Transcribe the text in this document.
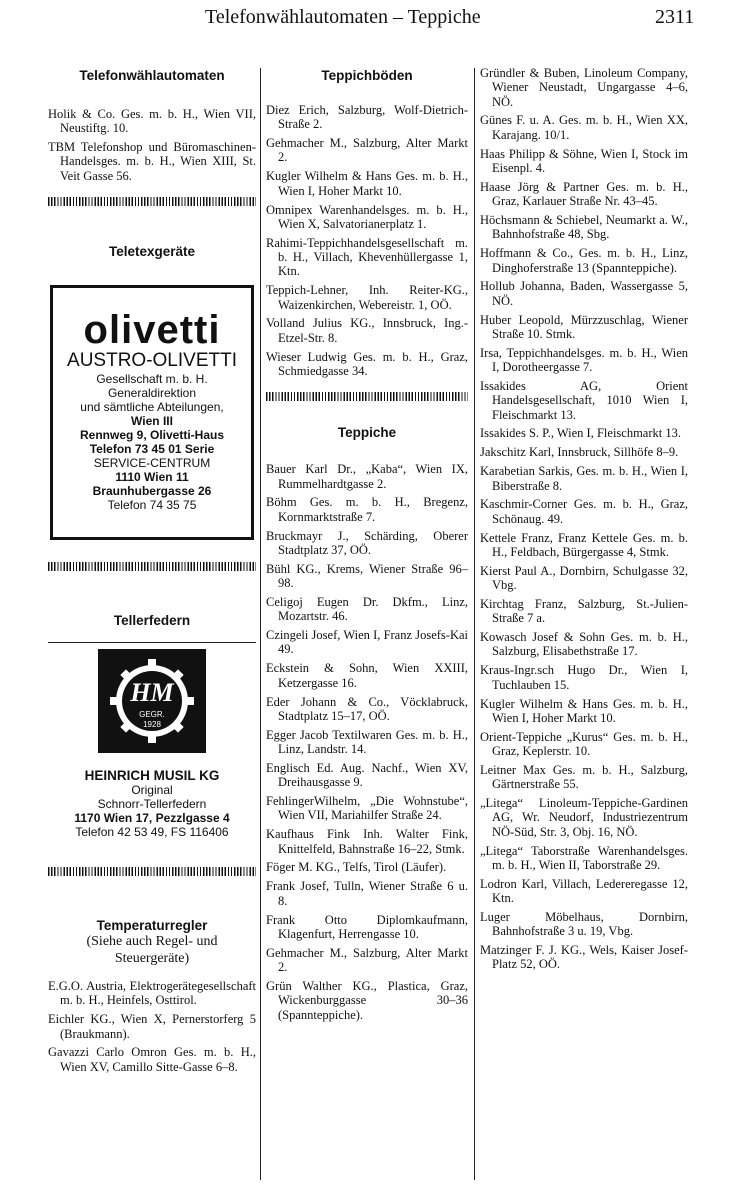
Telefonwählautomaten – Teppiche	2311
Telefonwählautomaten
Holik & Co. Ges. m. b. H., Wien VII, Neustiftg. 10.
TBM Telefonshop und Büromaschinen-Handelsges. m. b. H., Wien XIII, St. Veit Gasse 56.
Teletexgeräte
olivetti
AUSTRO-OLIVETTI
Gesellschaft m. b. H.
Generaldirektion
und sämtliche Abteilungen,
Wien III
Rennweg 9, Olivetti-Haus
Telefon 73 45 01 Serie
SERVICE-CENTRUM
1110 Wien 11
Braunhubergasse 26
Telefon 74 35 75
Tellerfedern
HM
GEGR.
1928
HEINRICH MUSIL KG
Original
Schnorr-Tellerfedern
1170 Wien 17, Pezzlgasse 4
Telefon 42 53 49, FS 116406
Temperaturregler
(Siehe auch Regel- und Steuergeräte)
E.G.O. Austria, Elektrogerätegesellschaft m. b. H., Heinfels, Osttirol.
Eichler KG., Wien X, Pernerstorferg 5 (Braukmann).
Gavazzi Carlo Omron Ges. m. b. H., Wien XV, Camillo Sitte-Gasse 6–8.
Teppichböden
Diez Erich, Salzburg, Wolf-Dietrich-Straße 2.
Gehmacher M., Salzburg, Alter Markt 2.
Kugler Wilhelm & Hans Ges. m. b. H., Wien I, Hoher Markt 10.
Omnipex Warenhandelsges. m. b. H., Wien X, Salvatorianerplatz 1.
Rahimi-Teppichhandelsgesellschaft m. b. H., Villach, Khevenhüllergasse 1, Ktn.
Teppich-Lehner, Inh. Reiter-KG., Waizenkirchen, Webereistr. 1, OÖ.
Volland Julius KG., Innsbruck, Ing.-Etzel-Str. 8.
Wieser Ludwig Ges. m. b. H., Graz, Schmiedgasse 34.
Teppiche
Bauer Karl Dr., „Kaba“, Wien IX, Rummelhardtgasse 2.
Böhm Ges. m. b. H., Bregenz, Kornmarktstraße 7.
Bruckmayr J., Schärding, Oberer Stadtplatz 37, OÖ.
Bühl KG., Krems, Wiener Straße 96–98.
Celigoj Eugen Dr. Dkfm., Linz, Mozartstr. 46.
Czingeli Josef, Wien I, Franz Josefs-Kai 49.
Eckstein & Sohn, Wien XXIII, Ketzergasse 16.
Eder Johann & Co., Vöcklabruck, Stadtplatz 15–17, OÖ.
Egger Jacob Textilwaren Ges. m. b. H., Linz, Landstr. 14.
Englisch Ed. Aug. Nachf., Wien XV, Dreihausgasse 9.
FehlingerWilhelm, „Die Wohnstube“, Wien VII, Mariahilfer Straße 24.
Kaufhaus Fink Inh. Walter Fink, Knittelfeld, Bahnstraße 16–22, Stmk.
Föger M. KG., Telfs, Tirol (Läufer).
Frank Josef, Tulln, Wiener Straße 6 u. 8.
Frank Otto Diplomkaufmann, Klagenfurt, Herrengasse 10.
Gehmacher M., Salzburg, Alter Markt 2.
Grün Walther KG., Plastica, Graz, Wickenburggasse 30–36 (Spannteppiche).
Gründler & Buben, Linoleum Company, Wiener Neustadt, Ungargasse 4–6, NÖ.
Günes F. u. A. Ges. m. b. H., Wien XX, Karajang. 10/1.
Haas Philipp & Söhne, Wien I, Stock im Eisenpl. 4.
Haase Jörg & Partner Ges. m. b. H., Graz, Karlauer Straße Nr. 43–45.
Höchsmann & Schiebel, Neumarkt a. W., Bahnhofstraße 48, Sbg.
Hoffmann & Co., Ges. m. b. H., Linz, Dinghoferstraße 13 (Spannteppiche).
Hollub Johanna, Baden, Wassergasse 5, NÖ.
Huber Leopold, Mürzzuschlag, Wiener Straße 10. Stmk.
Irsa, Teppichhandelsges. m. b. H., Wien I, Dorotheergasse 7.
Issakides AG, Orient Handelsgesellschaft, 1010 Wien I, Fleischmarkt 13.
Issakides S. P., Wien I, Fleischmarkt 13.
Jakschitz Karl, Innsbruck, Sillhöfe 8–9.
Karabetian Sarkis, Ges. m. b. H., Wien I, Biberstraße 8.
Kaschmir-Corner Ges. m. b. H., Graz, Schönaug. 49.
Kettele Franz, Franz Kettele Ges. m. b. H., Feldbach, Bürgergasse 4, Stmk.
Kierst Paul A., Dornbirn, Schulgasse 32, Vbg.
Kirchtag Franz, Salzburg, St.-Julien-Straße 7 a.
Kowasch Josef & Sohn Ges. m. b. H., Salzburg, Elisabethstraße 17.
Kraus-Ingr.sch Hugo Dr., Wien I, Tuchlauben 15.
Kugler Wilhelm & Hans Ges. m. b. H., Wien I, Hoher Markt 10.
Orient-Teppiche „Kurus“ Ges. m. b. H., Graz, Keplerstr. 10.
Leitner Max Ges. m. b. H., Salzburg, Gärtnerstraße 55.
„Litega“ Linoleum-Teppiche-Gardinen AG, Wr. Neudorf, Industriezentrum NÖ-Süd, Str. 3, Obj. 16, NÖ.
„Litega“ Taborstraße Warenhandelsges. m. b. H., Wien II, Taborstraße 29.
Lodron Karl, Villach, Ledereregasse 12, Ktn.
Luger Möbelhaus, Dornbirn, Bahnhofstraße 3 u. 19, Vbg.
Matzinger F. J. KG., Wels, Kaiser Josef-Platz 52, OÖ.
